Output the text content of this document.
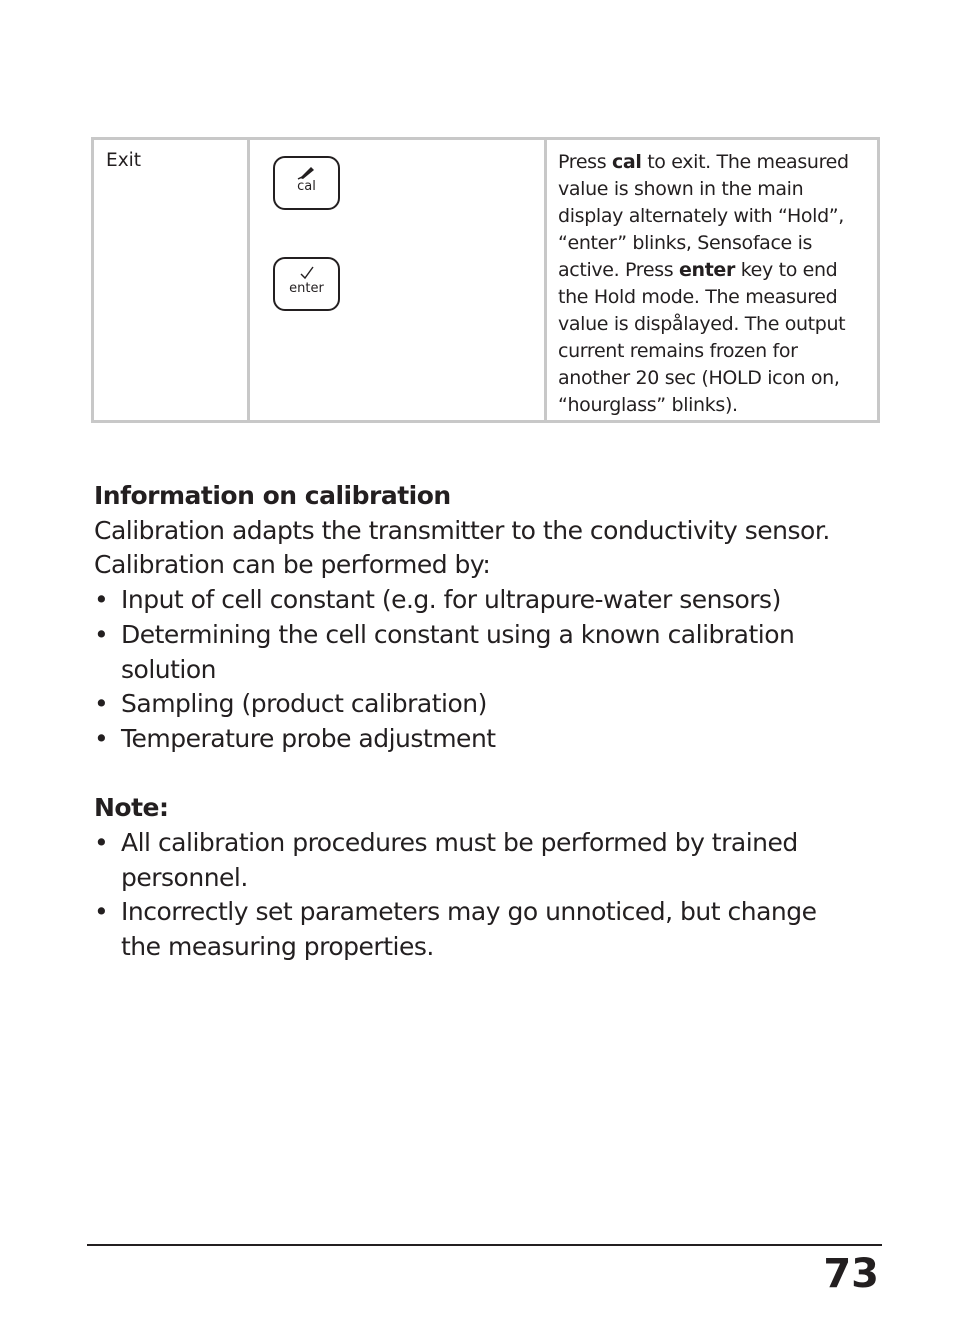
Exit
cal
enter
Press cal to exit. The measured value is shown in the main display alternately with “Hold”, “enter” blinks, Sensoface is active. Press enter key to end the Hold mode. The measured value is dispålayed. The output current remains frozen for another 20 sec (HOLD icon on, “hourglass” blinks).

Information on calibration

Calibration adapts the transmitter to the conductivity sensor.

Calibration can be performed by:

• Input of cell constant (e.g. for ultrapure-water sensors)
• Determining the cell constant using a known calibration solution
• Sampling (product calibration)
• Temperature probe adjustment

Note:

• All calibration procedures must be performed by trained personnel.
• Incorrectly set parameters may go unnoticed, but change the measuring properties.
73
